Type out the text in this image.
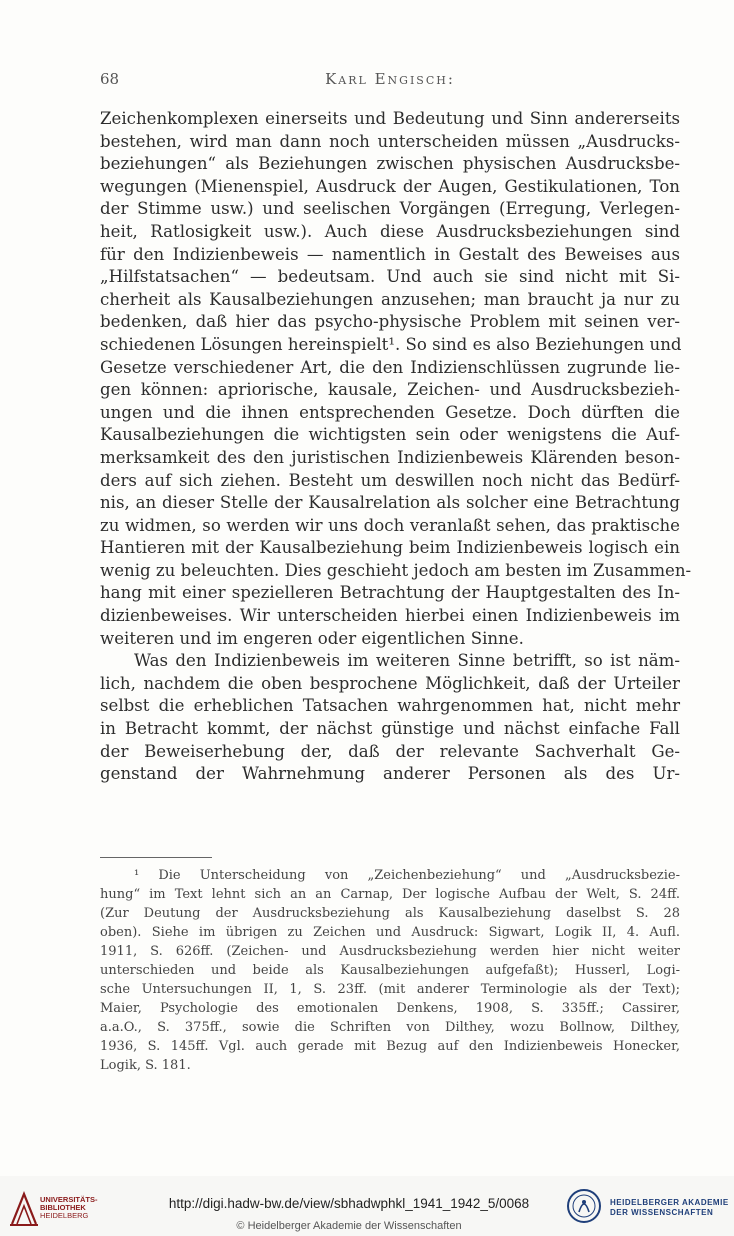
68	Karl Engisch:
Zeichenkomplexen einerseits und Bedeutung und Sinn andererseits
bestehen, wird man dann noch unterscheiden müssen „Ausdrucks-
beziehungen“ als Beziehungen zwischen physischen Ausdrucksbe-
wegungen (Mienenspiel, Ausdruck der Augen, Gestikulationen, Ton
der Stimme usw.) und seelischen Vorgängen (Erregung, Verlegen-
heit, Ratlosigkeit usw.). Auch diese Ausdrucksbeziehungen sind
für den Indizienbeweis — namentlich in Gestalt des Beweises aus
„Hilfstatsachen“ — bedeutsam. Und auch sie sind nicht mit Si-
cherheit als Kausalbeziehungen anzusehen; man braucht ja nur zu
bedenken, daß hier das psycho-physische Problem mit seinen ver-
schiedenen Lösungen hereinspielt¹. So sind es also Beziehungen und
Gesetze verschiedener Art, die den Indizienschlüssen zugrunde lie-
gen können: apriorische, kausale, Zeichen- und Ausdrucksbezieh-
ungen und die ihnen entsprechenden Gesetze. Doch dürften die
Kausalbeziehungen die wichtigsten sein oder wenigstens die Auf-
merksamkeit des den juristischen Indizienbeweis Klärenden beson-
ders auf sich ziehen. Besteht um deswillen noch nicht das Bedürf-
nis, an dieser Stelle der Kausalrelation als solcher eine Betrachtung
zu widmen, so werden wir uns doch veranlaßt sehen, das praktische
Hantieren mit der Kausalbeziehung beim Indizienbeweis logisch ein
wenig zu beleuchten. Dies geschieht jedoch am besten im Zusammen-
hang mit einer spezielleren Betrachtung der Hauptgestalten des In-
dizienbeweises. Wir unterscheiden hierbei einen Indizienbeweis im
weiteren und im engeren oder eigentlichen Sinne.
Was den Indizienbeweis im weiteren Sinne betrifft, so ist näm-
lich, nachdem die oben besprochene Möglichkeit, daß der Urteiler
selbst die erheblichen Tatsachen wahrgenommen hat, nicht mehr
in Betracht kommt, der nächst günstige und nächst einfache Fall
der Beweiserhebung der, daß der relevante Sachverhalt Ge-
genstand der Wahrnehmung anderer Personen als des Ur-
¹ Die Unterscheidung von „Zeichenbeziehung“ und „Ausdrucksbezie-
hung“ im Text lehnt sich an an Carnap, Der logische Aufbau der Welt, S. 24ff.
(Zur Deutung der Ausdrucksbeziehung als Kausalbeziehung daselbst S. 28
oben). Siehe im übrigen zu Zeichen und Ausdruck: Sigwart, Logik II, 4. Aufl.
1911, S. 626ff. (Zeichen- und Ausdrucksbeziehung werden hier nicht weiter
unterschieden und beide als Kausalbeziehungen aufgefaßt); Husserl, Logi-
sche Untersuchungen II, 1, S. 23ff. (mit anderer Terminologie als der Text);
Maier, Psychologie des emotionalen Denkens, 1908, S. 335ff.; Cassirer,
a.a.O., S. 375ff., sowie die Schriften von Dilthey, wozu Bollnow, Dilthey,
1936, S. 145ff. Vgl. auch gerade mit Bezug auf den Indizienbeweis Honecker,
Logik, S. 181.
UNIVERSITÄTS-
BIBLIOTHEK
HEIDELBERG
http://digi.hadw-bw.de/view/sbhadwphkl_1941_1942_5/0068
© Heidelberger Akademie der Wissenschaften
HEIDELBERGER AKADEMIE
DER WISSENSCHAFTEN
